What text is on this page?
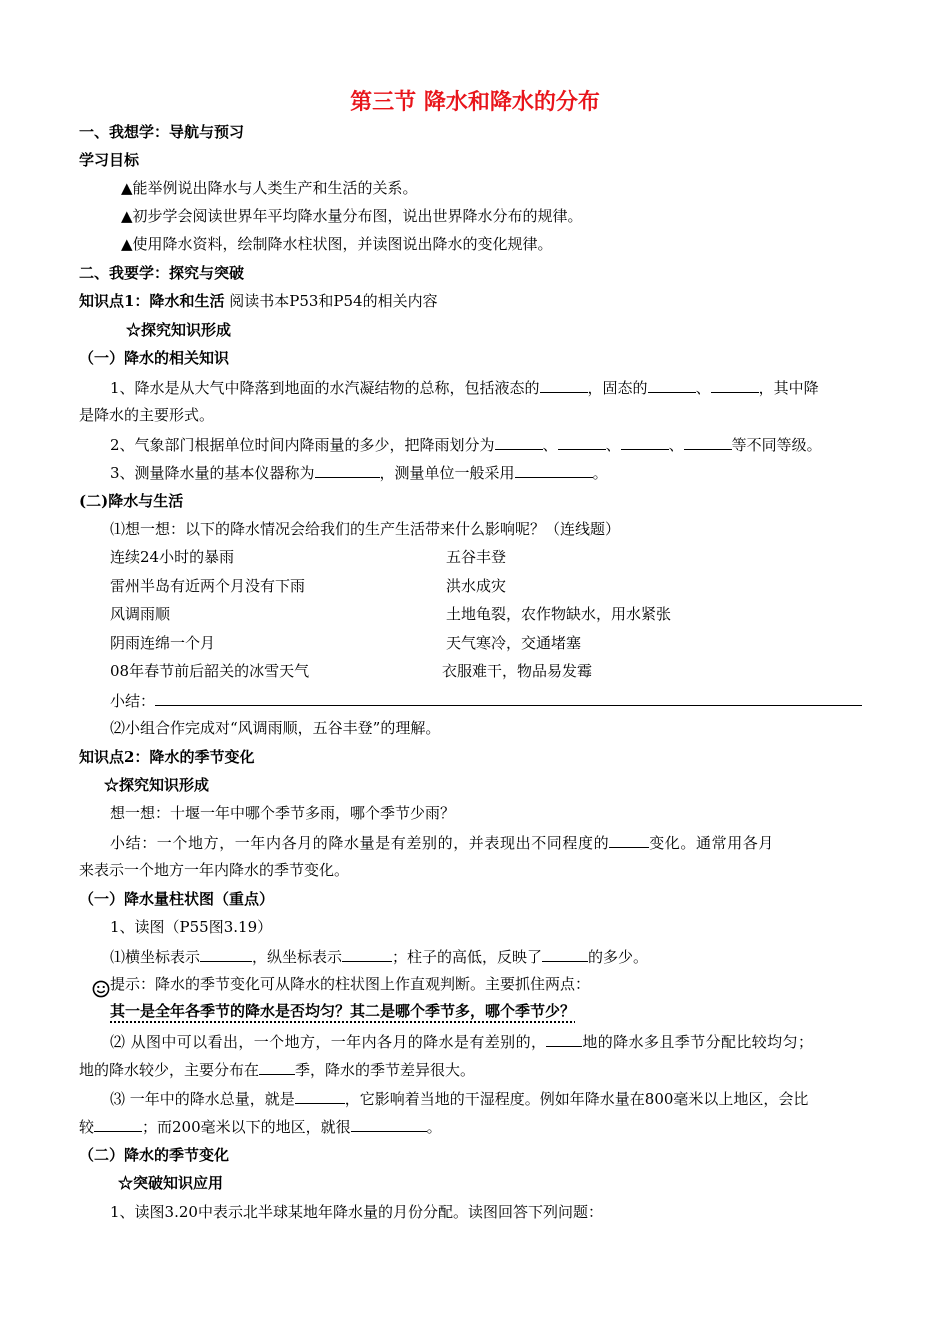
第三节 降水和降水的分布
一、我想学：导航与预习
学习目标
▲能举例说出降水与人类生产和生活的关系。
▲初步学会阅读世界年平均降水量分布图，说出世界降水分布的规律。
▲使用降水资料，绘制降水柱状图，并读图说出降水的变化规律。
二、我要学：探究与突破
知识点1：降水和生活 阅读书本P53和P54的相关内容
☆探究知识形成
（一）降水的相关知识
1、降水是从大气中降落到地面的水汽凝结物的总称，包括液态的	，固态的	、	，其中降
是降水的主要形式。
2、气象部门根据单位时间内降雨量的多少，把降雨划分为	、	、	、	等不同等级。
3、测量降水量的基本仪器称为	，测量单位一般采用	。
(二)降水与生活
⑴想一想：以下的降水情况会给我们的生产生活带来什么影响呢？（连线题）
连续24小时的暴雨	五谷丰登
雷州半岛有近两个月没有下雨	洪水成灾
风调雨顺	土地龟裂，农作物缺水，用水紧张
阴雨连绵一个月	天气寒冷，交通堵塞
08年春节前后韶关的冰雪天气	衣服难干，物品易发霉
小结：
⑵小组合作完成对“风调雨顺，五谷丰登”的理解。
知识点2：降水的季节变化
☆探究知识形成
想一想：十堰一年中哪个季节多雨，哪个季节少雨？
小结：一个地方，一年内各月的降水量是有差别的，并表现出不同程度的	变化。通常用各月
来表示一个地方一年内降水的季节变化。
（一）降水量柱状图（重点）
1、读图（P55图3.19）
⑴横坐标表示	，纵坐标表示	；柱子的高低，反映了	的多少。
提示：降水的季节变化可从降水的柱状图上作直观判断。主要抓住两点：
其一是全年各季节的降水是否均匀？其二是哪个季节多，哪个季节少？
⑵ 从图中可以看出，一个地方，一年内各月的降水是有差别的， 地的降水多且季节分配比较均匀；
地的降水较少，主要分布在 季，降水的季节差异很大。
⑶ 一年中的降水总量，就是	，它影响着当地的干湿程度。例如年降水量在800毫米以上地区，会比
较	；而200毫米以下的地区，就很	。
（二）降水的季节变化
☆突破知识应用
1、读图3.20中表示北半球某地年降水量的月份分配。读图回答下列问题：
